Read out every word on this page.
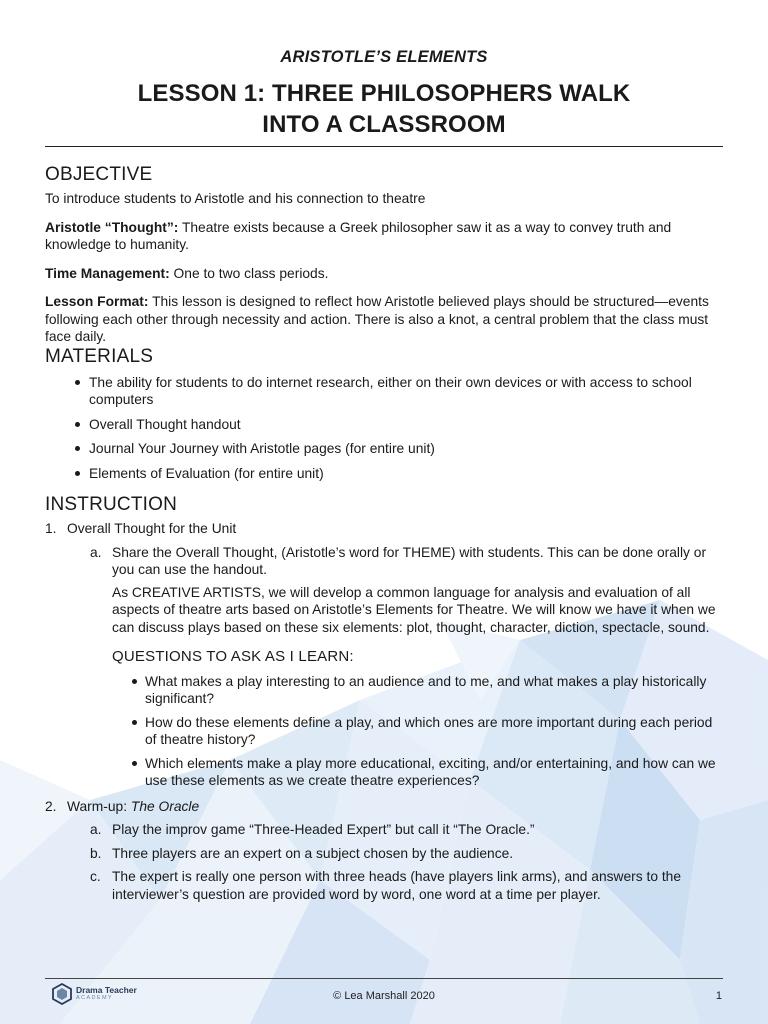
ARISTOTLE’S ELEMENTS
LESSON 1: THREE PHILOSOPHERS WALK
INTO A CLASSROOM
OBJECTIVE

To introduce students to Aristotle and his connection to theatre

Aristotle “Thought”: Theatre exists because a Greek philosopher saw it as a way to convey truth and knowledge to humanity.

Time Management: One to two class periods.

Lesson Format: This lesson is designed to reflect how Aristotle believed plays should be structured—events following each other through necessity and action. There is also a knot, a central problem that the class must face daily.

MATERIALS
The ability for students to do internet research, either on their own devices or with access to school computers
Overall Thought handout
Journal Your Journey with Aristotle pages (for entire unit)
Elements of Evaluation (for entire unit)
INSTRUCTION
1. Overall Thought for the Unit
a. Share the Overall Thought, (Aristotle’s word for THEME) with students. This can be done orally or you can use the handout.
As CREATIVE ARTISTS, we will develop a common language for analysis and evaluation of all aspects of theatre arts based on Aristotle’s Elements for Theatre. We will know we have it when we can discuss plays based on these six elements: plot, thought, character, diction, spectacle, sound.
QUESTIONS TO ASK AS I LEARN:
What makes a play interesting to an audience and to me, and what makes a play historically significant?
How do these elements define a play, and which ones are more important during each period of theatre history?
Which elements make a play more educational, exciting, and/or entertaining, and how can we use these elements as we create theatre experiences?
2. Warm-up: The Oracle
a. Play the improv game “Three-Headed Expert” but call it “The Oracle.”
b. Three players are an expert on a subject chosen by the audience.
c. The expert is really one person with three heads (have players link arms), and answers to the interviewer’s question are provided word by word, one word at a time per player.
Drama Teacher
ACADEMY	© Lea Marshall 2020	1
